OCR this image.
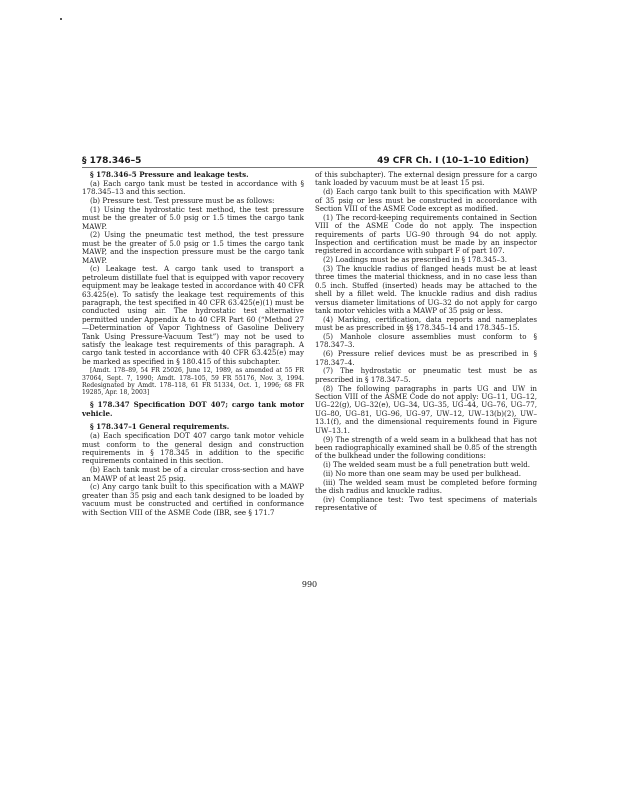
§ 178.346–5	49 CFR Ch. I (10–1–10 Edition)

§ 178.346–5 Pressure and leakage tests.

(a) Each cargo tank must be tested in accordance with § 178.345–13 and this section.

(b) Pressure test. Test pressure must be as follows:

(1) Using the hydrostatic test method, the test pressure must be the greater of 5.0 psig or 1.5 times the cargo tank MAWP.

(2) Using the pneumatic test method, the test pressure must be the greater of 5.0 psig or 1.5 times the cargo tank MAWP, and the inspection pressure must be the cargo tank MAWP.

(c) Leakage test. A cargo tank used to transport a petroleum distillate fuel that is equipped with vapor recovery equipment may be leakage tested in accordance with 40 CFR 63.425(e). To satisfy the leakage test requirements of this paragraph, the test specified in 40 CFR 63.425(e)(1) must be conducted using air. The hydrostatic test alternative permitted under Appendix A to 40 CFR Part 60 (“Method 27—Determination of Vapor Tightness of Gasoline Delivery Tank Using Pressure-Vacuum Test”) may not be used to satisfy the leakage test requirements of this paragraph. A cargo tank tested in accordance with 40 CFR 63.425(e) may be marked as specified in § 180.415 of this subchapter.

[Amdt. 178–89, 54 FR 25026, June 12, 1989, as amended at 55 FR 37064, Sept. 7, 1990; Amdt. 178–105, 59 FR 55176, Nov. 3, 1994. Redesignated by Amdt. 178–118, 61 FR 51334, Oct. 1, 1996; 68 FR 19285, Apr. 18, 2003]

§ 178.347 Specification DOT 407; cargo tank motor vehicle.

§ 178.347–1 General requirements.

(a) Each specification DOT 407 cargo tank motor vehicle must conform to the general design and construction requirements in § 178.345 in addition to the specific requirements contained in this section.

(b) Each tank must be of a circular cross-section and have an MAWP of at least 25 psig.

(c) Any cargo tank built to this specification with a MAWP greater than 35 psig and each tank designed to be loaded by vacuum must be constructed and certified in conformance with Section VIII of the ASME Code (IBR, see § 171.7

of this subchapter). The external design pressure for a cargo tank loaded by vacuum must be at least 15 psi.

(d) Each cargo tank built to this specification with MAWP of 35 psig or less must be constructed in accordance with Section VIII of the ASME Code except as modified.

(1) The record-keeping requirements contained in Section VIII of the ASME Code do not apply. The inspection requirements of parts UG–90 through 94 do not apply. Inspection and certification must be made by an inspector registered in accordance with subpart F of part 107.

(2) Loadings must be as prescribed in § 178.345–3.

(3) The knuckle radius of flanged heads must be at least three times the material thickness, and in no case less than 0.5 inch. Stuffed (inserted) heads may be attached to the shell by a fillet weld. The knuckle radius and dish radius versus diameter limitations of UG–32 do not apply for cargo tank motor vehicles with a MAWP of 35 psig or less.

(4) Marking, certification, data reports and nameplates must be as prescribed in §§ 178.345–14 and 178.345–15.

(5) Manhole closure assemblies must conform to § 178.347–3.

(6) Pressure relief devices must be as prescribed in § 178.347–4.

(7) The hydrostatic or pneumatic test must be as prescribed in § 178.347–5.

(8) The following paragraphs in parts UG and UW in Section VIII of the ASME Code do not apply: UG–11, UG–12, UG–22(g), UG–32(e), UG–34, UG–35, UG–44, UG–76, UG–77, UG–80, UG–81, UG–96, UG–97, UW–12, UW–13(b)(2), UW–13.1(f), and the dimensional requirements found in Figure UW–13.1.

(9) The strength of a weld seam in a bulkhead that has not been radiographically examined shall be 0.85 of the strength of the bulkhead under the following conditions:

(i) The welded seam must be a full penetration butt weld.

(ii) No more than one seam may be used per bulkhead.

(iii) The welded seam must be completed before forming the dish radius and knuckle radius.

(iv) Compliance test: Two test specimens of materials representative of

990
